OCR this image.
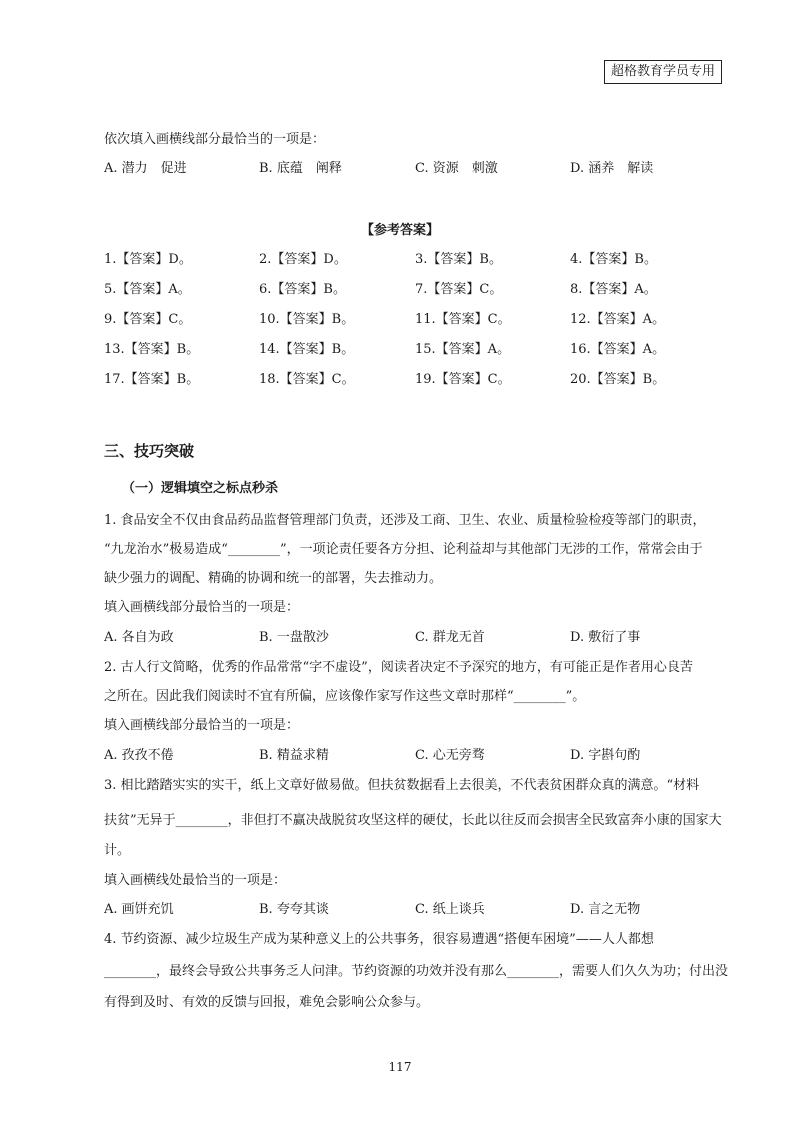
超格教育学员专用
依次填入画横线部分最恰当的一项是：
A. 潜力　促进	B. 底蕴　阐释	C. 资源　刺激	D. 涵养　解读
【参考答案】
1.【答案】D。	2.【答案】D。	3.【答案】B。	4.【答案】B。
5.【答案】A。	6.【答案】B。	7.【答案】C。	8.【答案】A。
9.【答案】C。	10.【答案】B。	11.【答案】C。	12.【答案】A。
13.【答案】B。	14.【答案】B。	15.【答案】A。	16.【答案】A。
17.【答案】B。	18.【答案】C。	19.【答案】C。	20.【答案】B。
三、技巧突破
（一）逻辑填空之标点秒杀
1. 食品安全不仅由食品药品监督管理部门负责，还涉及工商、卫生、农业、质量检验检疫等部门的职责，
“九龙治水”极易造成“________”，一项论责任要各方分担、论利益却与其他部门无涉的工作，常常会由于
缺少强力的调配、精确的协调和统一的部署，失去推动力。
填入画横线部分最恰当的一项是：
A. 各自为政	B. 一盘散沙	C. 群龙无首	D. 敷衍了事
2. 古人行文简略，优秀的作品常常“字不虚设”，阅读者决定不予深究的地方，有可能正是作者用心良苦
之所在。因此我们阅读时不宜有所偏，应该像作家写作这些文章时那样“________”。
填入画横线部分最恰当的一项是：
A. 孜孜不倦	B. 精益求精	C. 心无旁骛	D. 字斟句酌
3. 相比踏踏实实的实干，纸上文章好做易做。但扶贫数据看上去很美，不代表贫困群众真的满意。“材料
扶贫”无异于________，非但打不赢决战脱贫攻坚这样的硬仗，长此以往反而会损害全民致富奔小康的国家大
计。
填入画横线处最恰当的一项是：
A. 画饼充饥	B. 夸夸其谈	C. 纸上谈兵	D. 言之无物
4. 节约资源、减少垃圾生产成为某种意义上的公共事务，很容易遭遇“搭便车困境”——人人都想
________，最终会导致公共事务乏人问津。节约资源的功效并没有那么________，需要人们久久为功；付出没
有得到及时、有效的反馈与回报，难免会影响公众参与。
117
